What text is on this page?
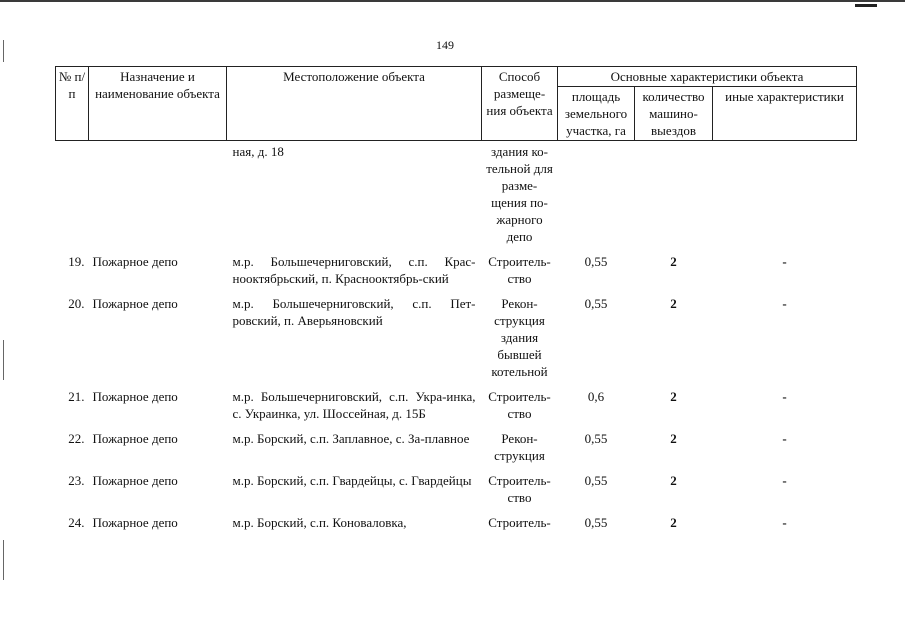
149
№ п/п	Назначение и наименование объекта	Местоположение объекта	Способ размеще-ния объекта	Основные характеристики объекта		
				площадь земельного участка, га	количество машино-выездов	иные характеристики
		ная, д. 18	здания ко-тельной для разме-щения по-жарного депо			
19.	Пожарное депо	м.р. Большечерниговский, с.п. Крас-нооктябрьский, п. Краснооктябрь-ский	Строитель-ство	0,55	2	-
20.	Пожарное депо	м.р. Большечерниговский, с.п. Пет-ровский, п. Аверьяновский	Рекон-струкция здания бывшей котельной	0,55	2	-
21.	Пожарное депо	м.р. Большечерниговский, с.п. Укра-инка, с. Украинка, ул. Шоссейная, д. 15Б	Строитель-ство	0,6	2	-
22.	Пожарное депо	м.р. Борский, с.п. Заплавное, с. За-плавное	Рекон-струкция	0,55	2	-
23.	Пожарное депо	м.р. Борский, с.п. Гвардейцы, с. Гвардейцы	Строитель-ство	0,55	2	-
24.	Пожарное депо	м.р. Борский, с.п. Коноваловка,	Строитель-	0,55	2	-
